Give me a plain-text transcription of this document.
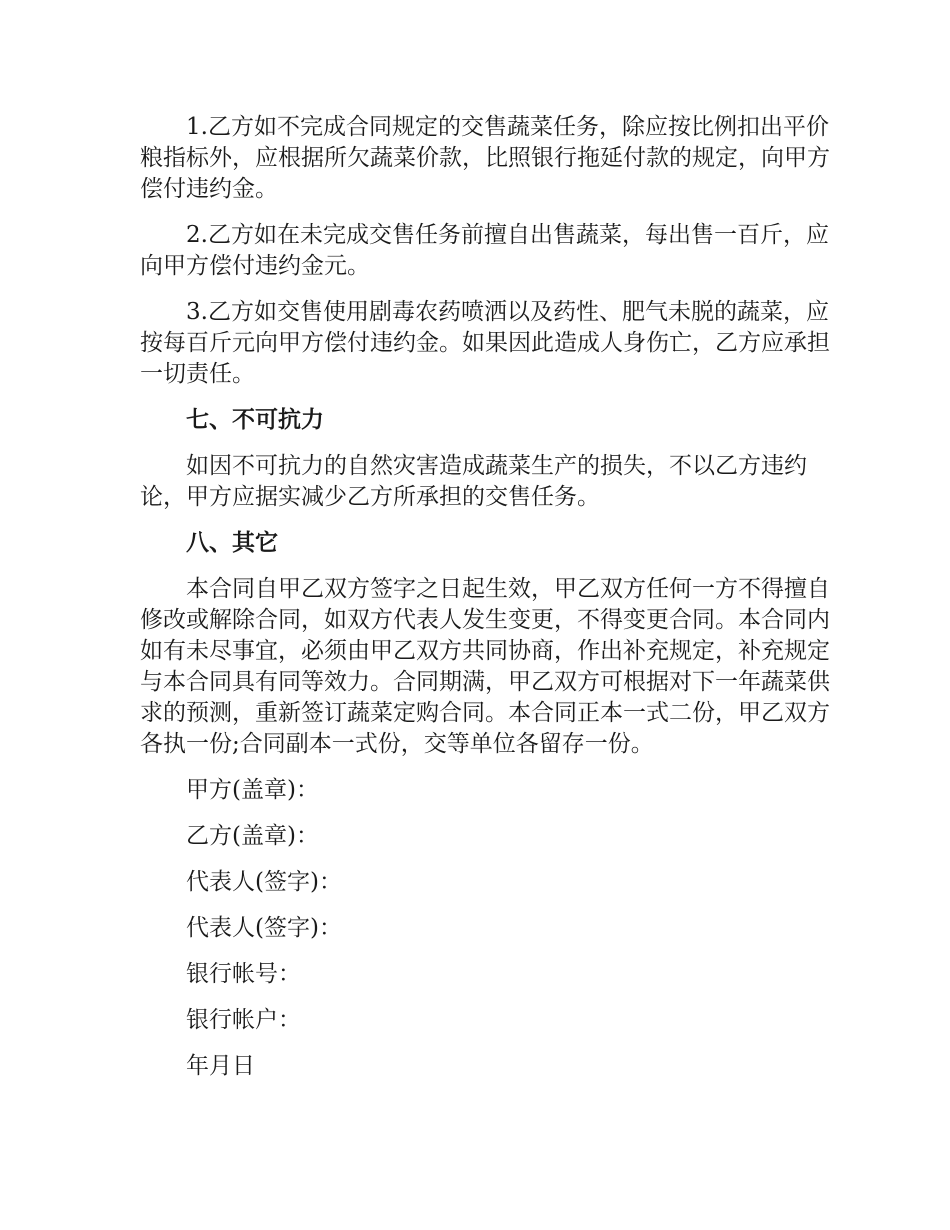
1.乙方如不完成合同规定的交售蔬菜任务，除应按比例扣出平价粮指标外，应根据所欠蔬菜价款，比照银行拖延付款的规定，向甲方偿付违约金。

2.乙方如在未完成交售任务前擅自出售蔬菜，每出售一百斤，应向甲方偿付违约金元。

3.乙方如交售使用剧毒农药喷洒以及药性、肥气未脱的蔬菜，应按每百斤元向甲方偿付违约金。如果因此造成人身伤亡，乙方应承担一切责任。

七、不可抗力

如因不可抗力的自然灾害造成蔬菜生产的损失，不以乙方违约论，甲方应据实减少乙方所承担的交售任务。

八、其它

本合同自甲乙双方签字之日起生效，甲乙双方任何一方不得擅自修改或解除合同，如双方代表人发生变更，不得变更合同。本合同内如有未尽事宜，必须由甲乙双方共同协商，作出补充规定，补充规定与本合同具有同等效力。合同期满，甲乙双方可根据对下一年蔬菜供求的预测，重新签订蔬菜定购合同。本合同正本一式二份，甲乙双方各执一份;合同副本一式份，交等单位各留存一份。

甲方(盖章)：

乙方(盖章)：

代表人(签字)：

代表人(签字)：

银行帐号：

银行帐户：

年月日
